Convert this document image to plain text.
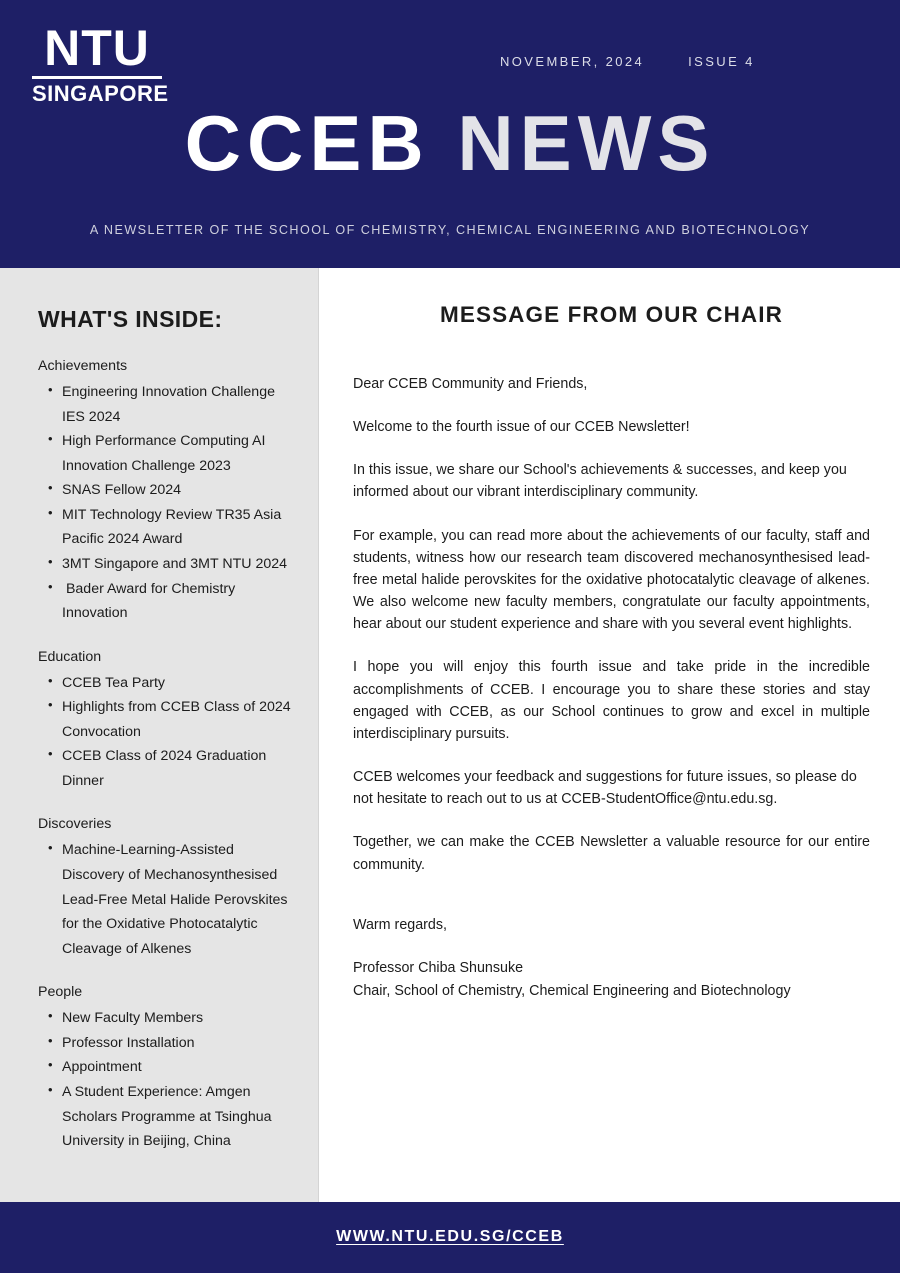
NTU
SINGAPORE
NOVEMBER, 2024	ISSUE 4
CCEB NEWS
A NEWSLETTER OF THE SCHOOL OF CHEMISTRY, CHEMICAL ENGINEERING AND BIOTECHNOLOGY
WHAT'S INSIDE:
Achievements
• Engineering Innovation Challenge IES 2024
• High Performance Computing AI Innovation Challenge 2023
• SNAS Fellow 2024
• MIT Technology Review TR35 Asia Pacific 2024 Award
• 3MT Singapore and 3MT NTU 2024
•  Bader Award for Chemistry Innovation
Education
• CCEB Tea Party
• Highlights from CCEB Class of 2024 Convocation
• CCEB Class of 2024 Graduation Dinner
Discoveries
• Machine-Learning-Assisted Discovery of Mechanosynthesised Lead-Free Metal Halide Perovskites for the Oxidative Photocatalytic Cleavage of Alkenes
People
• New Faculty Members
• Professor Installation
• Appointment
• A Student Experience: Amgen Scholars Programme at Tsinghua University in Beijing, China
MESSAGE FROM OUR CHAIR

Dear CCEB Community and Friends,

Welcome to the fourth issue of our CCEB Newsletter!

In this issue, we share our School's achievements & successes, and keep you informed about our vibrant interdisciplinary community.

For example, you can read more about the achievements of our faculty, staff and students, witness how our research team discovered mechanosynthesised lead-free metal halide perovskites for the oxidative photocatalytic cleavage of alkenes. We also welcome new faculty members, congratulate our faculty appointments, hear about our student experience and share with you several event highlights.

I hope you will enjoy this fourth issue and take pride in the incredible accomplishments of CCEB. I encourage you to share these stories and stay engaged with CCEB, as our School continues to grow and excel in multiple interdisciplinary pursuits.

CCEB welcomes your feedback and suggestions for future issues, so please do not hesitate to reach out to us at CCEB-StudentOffice@ntu.edu.sg.

Together, we can make the CCEB Newsletter a valuable resource for our entire community.

Warm regards,

Professor Chiba Shunsuke

Chair, School of Chemistry, Chemical Engineering and Biotechnology

WWW.NTU.EDU.SG/CCEB
